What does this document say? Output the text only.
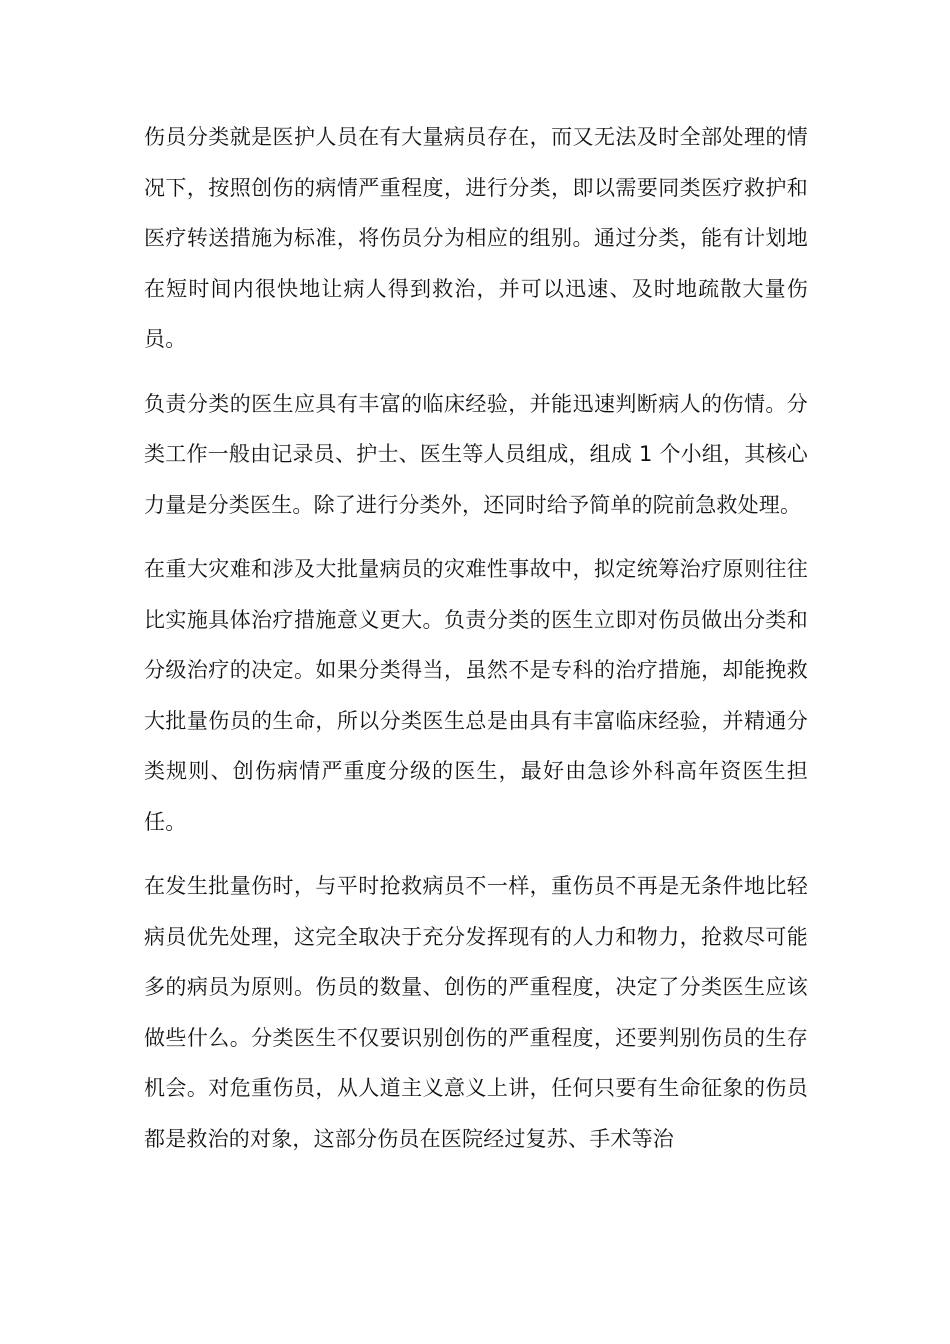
伤员分类就是医护人员在有大量病员存在，而又无法及时全部处理的情况下，按照创伤的病情严重程度，进行分类，即以需要同类医疗救护和医疗转送措施为标准，将伤员分为相应的组别。通过分类，能有计划地在短时间内很快地让病人得到救治，并可以迅速、及时地疏散大量伤员。

负责分类的医生应具有丰富的临床经验，并能迅速判断病人的伤情。分类工作一般由记录员、护士、医生等人员组成，组成 1 个小组，其核心力量是分类医生。除了进行分类外，还同时给予简单的院前急救处理。

在重大灾难和涉及大批量病员的灾难性事故中，拟定统筹治疗原则往往比实施具体治疗措施意义更大。负责分类的医生立即对伤员做出分类和分级治疗的决定。如果分类得当，虽然不是专科的治疗措施，却能挽救大批量伤员的生命，所以分类医生总是由具有丰富临床经验，并精通分类规则、创伤病情严重度分级的医生，最好由急诊外科高年资医生担任。

在发生批量伤时，与平时抢救病员不一样，重伤员不再是无条件地比轻病员优先处理，这完全取决于充分发挥现有的人力和物力，抢救尽可能多的病员为原则。伤员的数量、创伤的严重程度，决定了分类医生应该做些什么。分类医生不仅要识别创伤的严重程度，还要判别伤员的生存机会。对危重伤员，从人道主义意义上讲，任何只要有生命征象的伤员都是救治的对象，这部分伤员在医院经过复苏、手术等治
